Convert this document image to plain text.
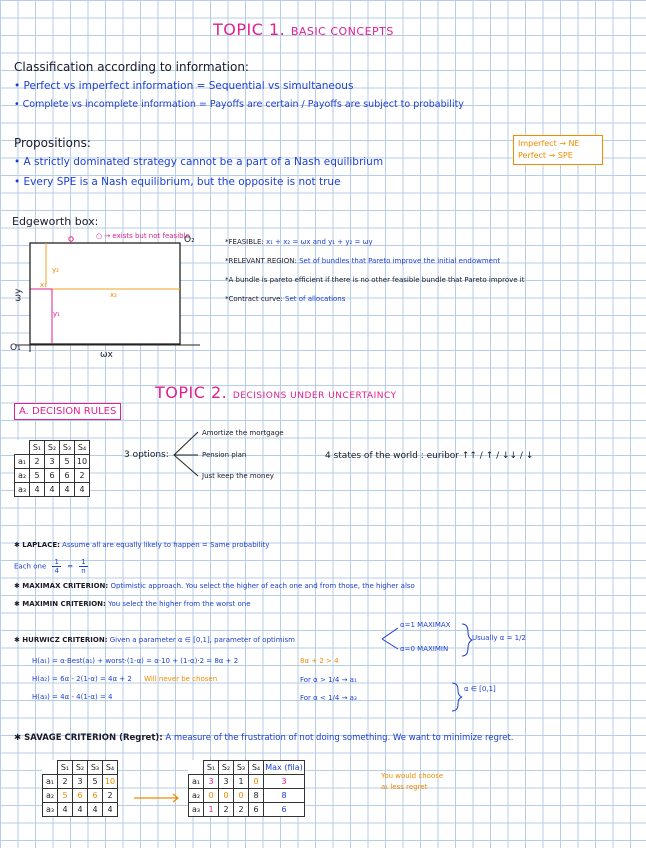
TOPIC 1. BASIC CONCEPTS
Classification according to information:
• Perfect vs imperfect information = Sequential vs simultaneous
• Complete vs incomplete information = Payoffs are certain / Payoffs are subject to probability
Propositions:
• A strictly dominated strategy cannot be a part of a Nash equilibrium
• Every SPE is a Nash equilibrium, but the opposite is not true
Imperfect → NE
Perfect → SPE
Edgeworth box:
○ → exists but not feasible
O₂
O₁
ωx
ωy
y₂
x₁
x₂
y₁
*FEASIBLE: x₁ + x₂ = ωx and y₁ + y₂ = ωy
*RELEVANT REGION: Set of bundles that Pareto improve the initial endowment
*A bundle is pareto efficient if there is no other feasible bundle that Pareto improve it
*Contract curve: Set of allocations
TOPIC 2. DECISIONS UNDER UNCERTAINCY
A. DECISION RULES
	S₁	S₂	S₃	S₄
a₁	2	3	5	10
a₂	5	6	6	2
a₃	4	4	4	4
3 options:
Amortize the mortgage
Pension plan
Just keep the money
4 states of the world : euribor ↑↑ / ↑ / ↓↓ / ↓
✱ LAPLACE: Assume all are equally likely to happen = Same probability
Each one $\frac{1}{4} = \frac{1}{n}$
✱ MAXIMAX CRITERION: Optimistic approach. You select the higher of each one and from those, the higher also
✱ MAXIMIN CRITERION: You select the higher from the worst one
✱ HURWICZ CRITERION: Given a parameter α ∈ [0,1], parameter of optimism
α=1 MAXIMAX
α=0 MAXIMIN
Usually α = 1/2
H(a₁) = α·Best(a₁) + worst·(1-α) = α·10 + (1-α)·2 = 8α + 2
H(a₂) = 6α - 2(1-α) = 4α + 2 Will never be chosen
H(a₃) = 4α - 4(1-α) = 4
8α + 2 > 4
For α > 1/4 → a₁
For α < 1/4 → a₃
α ∈ [0,1]
✱ SAVAGE CRITERION (Regret): A measure of the frustration of not doing something. We want to minimize regret.
	S₁	S₂	S₃	S₄
a₁	2	3	5	10
a₂	5	6	6	2
a₃	4	4	4	4
	S₁	S₂	S₃	S₄	Max (fila)
a₁	3	3	1	0	3
a₂	0	0	0	8	8
a₃	1	2	2	6	6
You would choose
a₁ less regret
